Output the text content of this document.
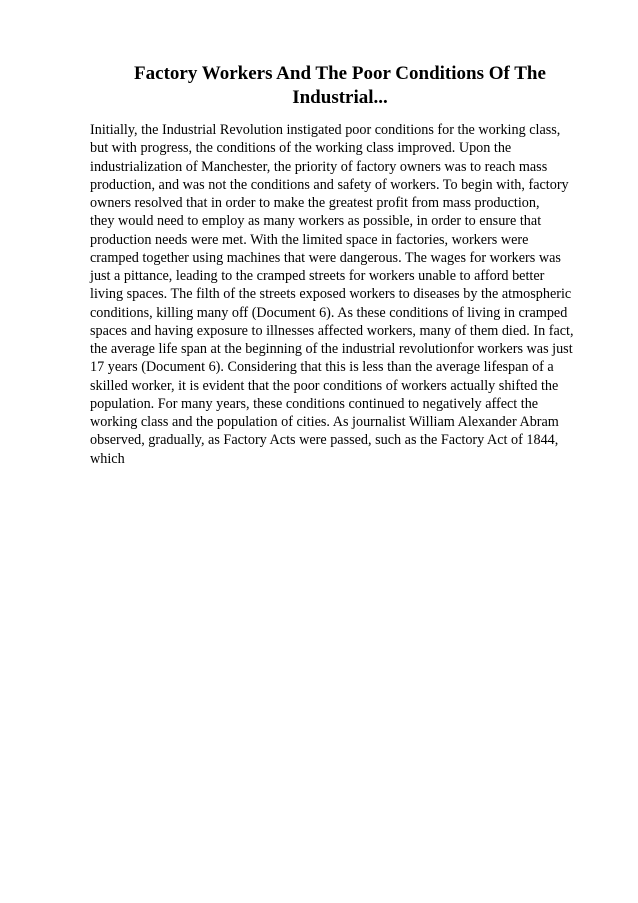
Factory Workers And The Poor Conditions Of The
Industrial...
Initially, the Industrial Revolution instigated poor conditions for the working class,
but with progress, the conditions of the working class improved. Upon the
industrialization of Manchester, the priority of factory owners was to reach mass
production, and was not the conditions and safety of workers. To begin with, factory
owners resolved that in order to make the greatest profit from mass production,
they would need to employ as many workers as possible, in order to ensure that
production needs were met. With the limited space in factories, workers were
cramped together using machines that were dangerous. The wages for workers was
just a pittance, leading to the cramped streets for workers unable to afford better
living spaces. The filth of the streets exposed workers to diseases by the atmospheric
conditions, killing many off (Document 6). As these conditions of living in cramped
spaces and having exposure to illnesses affected workers, many of them died. In fact,
the average life span at the beginning of the industrial revolutionfor workers was just
17 years (Document 6). Considering that this is less than the average lifespan of a
skilled worker, it is evident that the poor conditions of workers actually shifted the
population. For many years, these conditions continued to negatively affect the
working class and the population of cities. As journalist William Alexander Abram
observed, gradually, as Factory Acts were passed, such as the Factory Act of 1844,
which
